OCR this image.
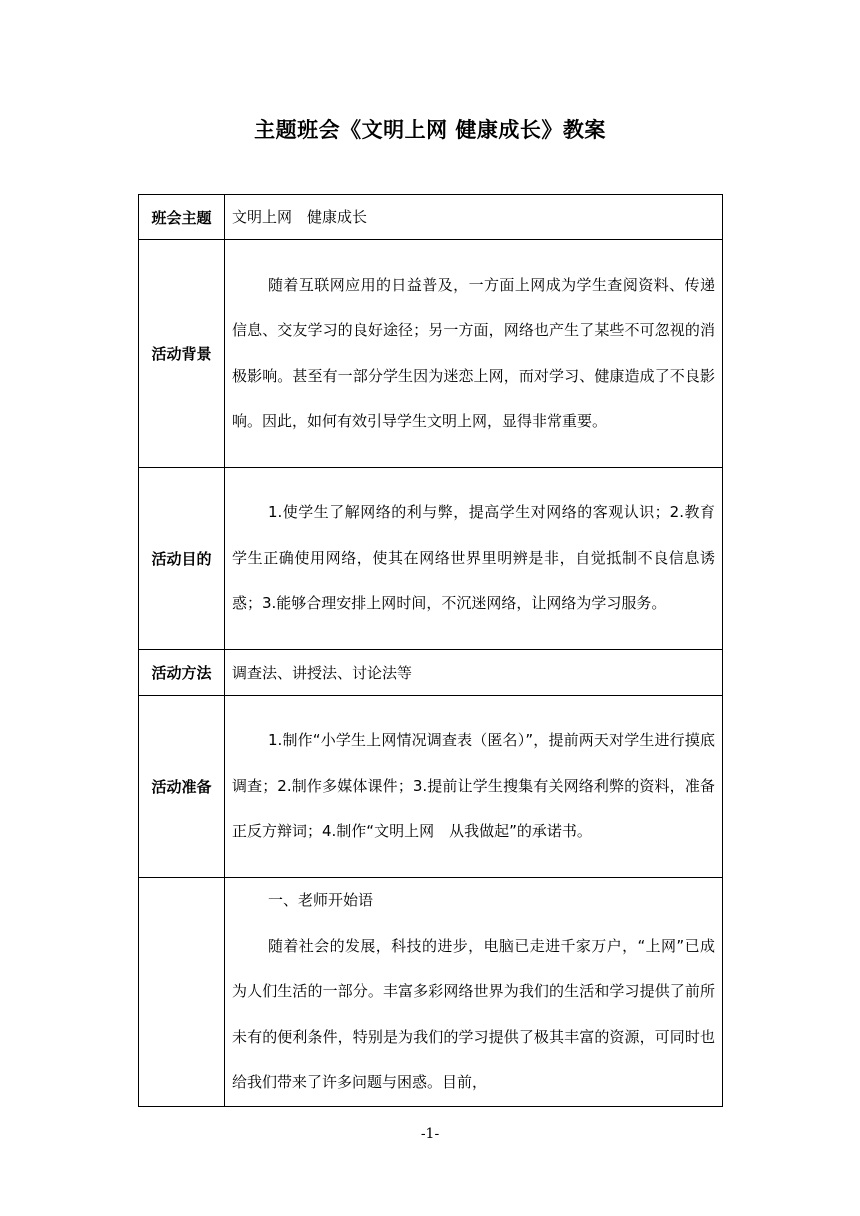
主题班会《文明上网 健康成长》教案
班会主题	文明上网　健康成长

活动背景	随着互联网应用的日益普及，一方面上网成为学生查阅资料、传递信息、交友学习的良好途径；另一方面，网络也产生了某些不可忽视的消极影响。甚至有一部分学生因为迷恋上网，而对学习、健康造成了不良影响。因此，如何有效引导学生文明上网，显得非常重要。

活动目的	1.使学生了解网络的利与弊，提高学生对网络的客观认识；2.教育学生正确使用网络，使其在网络世界里明辨是非，自觉抵制不良信息诱惑；3.能够合理安排上网时间，不沉迷网络，让网络为学习服务。

活动方法	调查法、讲授法、讨论法等

活动准备	1.制作“小学生上网情况调查表（匿名）”，提前两天对学生进行摸底调查；2.制作多媒体课件；3.提前让学生搜集有关网络利弊的资料，准备正反方辩词；4.制作“文明上网　从我做起”的承诺书。

	一、老师开始语

随着社会的发展，科技的进步，电脑已走进千家万户，“上网”已成为人们生活的一部分。丰富多彩网络世界为我们的生活和学习提供了前所未有的便利条件，特别是为我们的学习提供了极其丰富的资源，可同时也给我们带来了许多问题与困惑。目前，

-1-
